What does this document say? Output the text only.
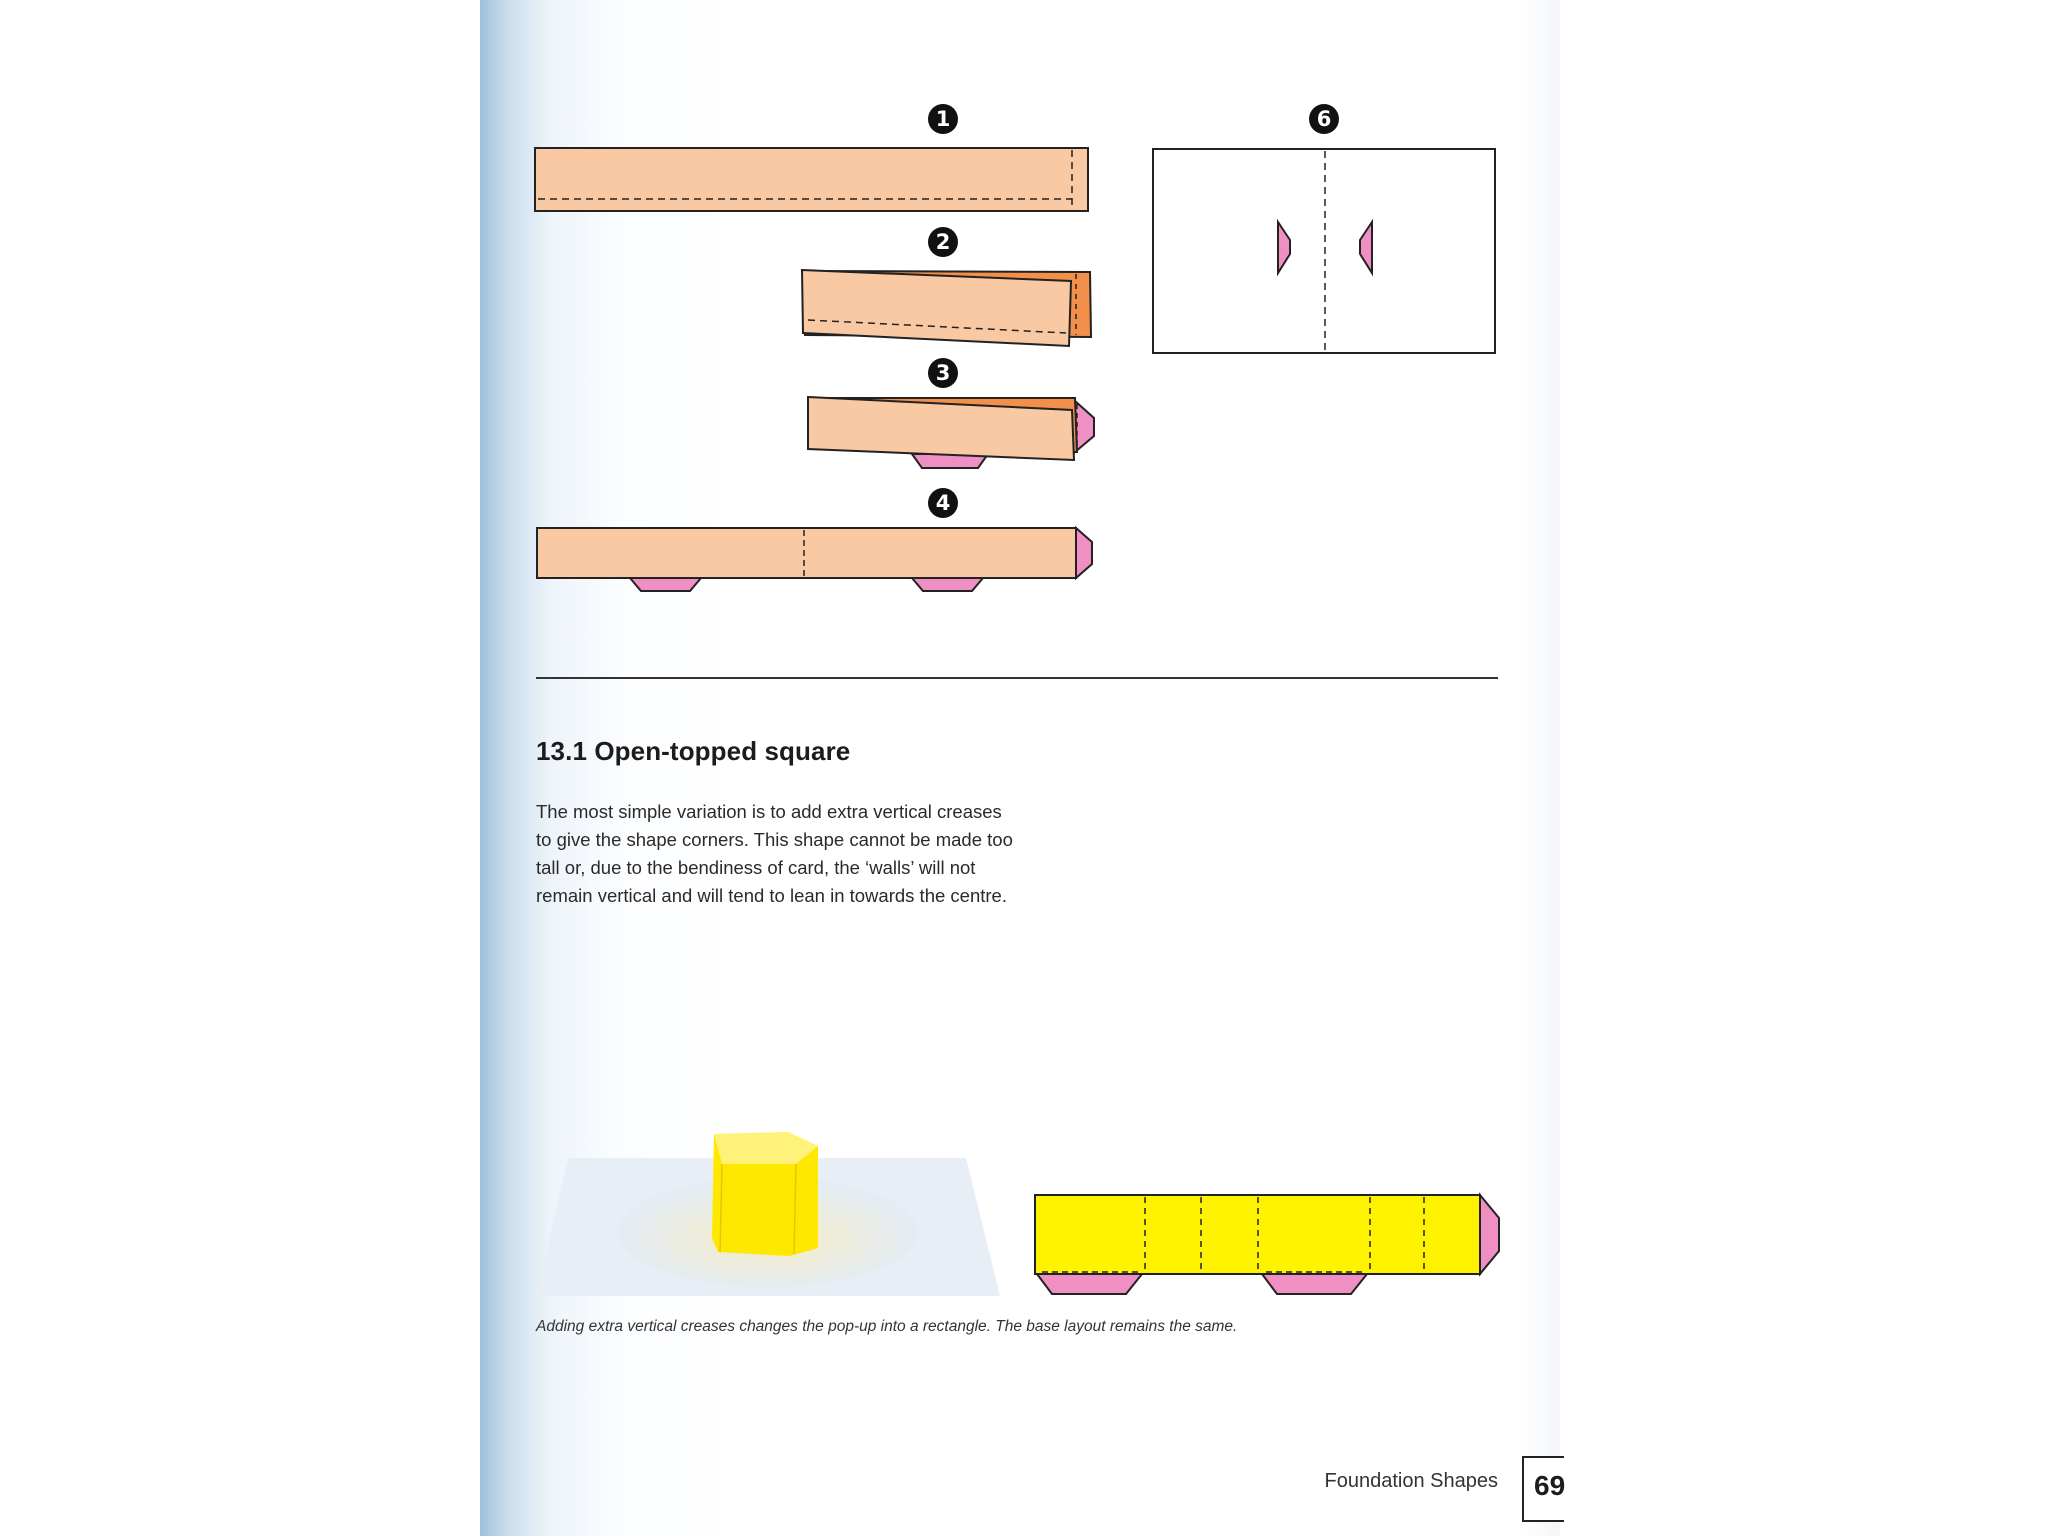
1
2
3
4
6
13.1 Open-topped square

The most simple variation is to add extra vertical creases to give the shape corners. This shape cannot be made too tall or, due to the bendiness of card, the ‘walls’ will not remain vertical and will tend to lean in towards the centre.

Adding extra vertical creases changes the pop-up into a rectangle. The base layout remains the same.

Foundation Shapes 69
